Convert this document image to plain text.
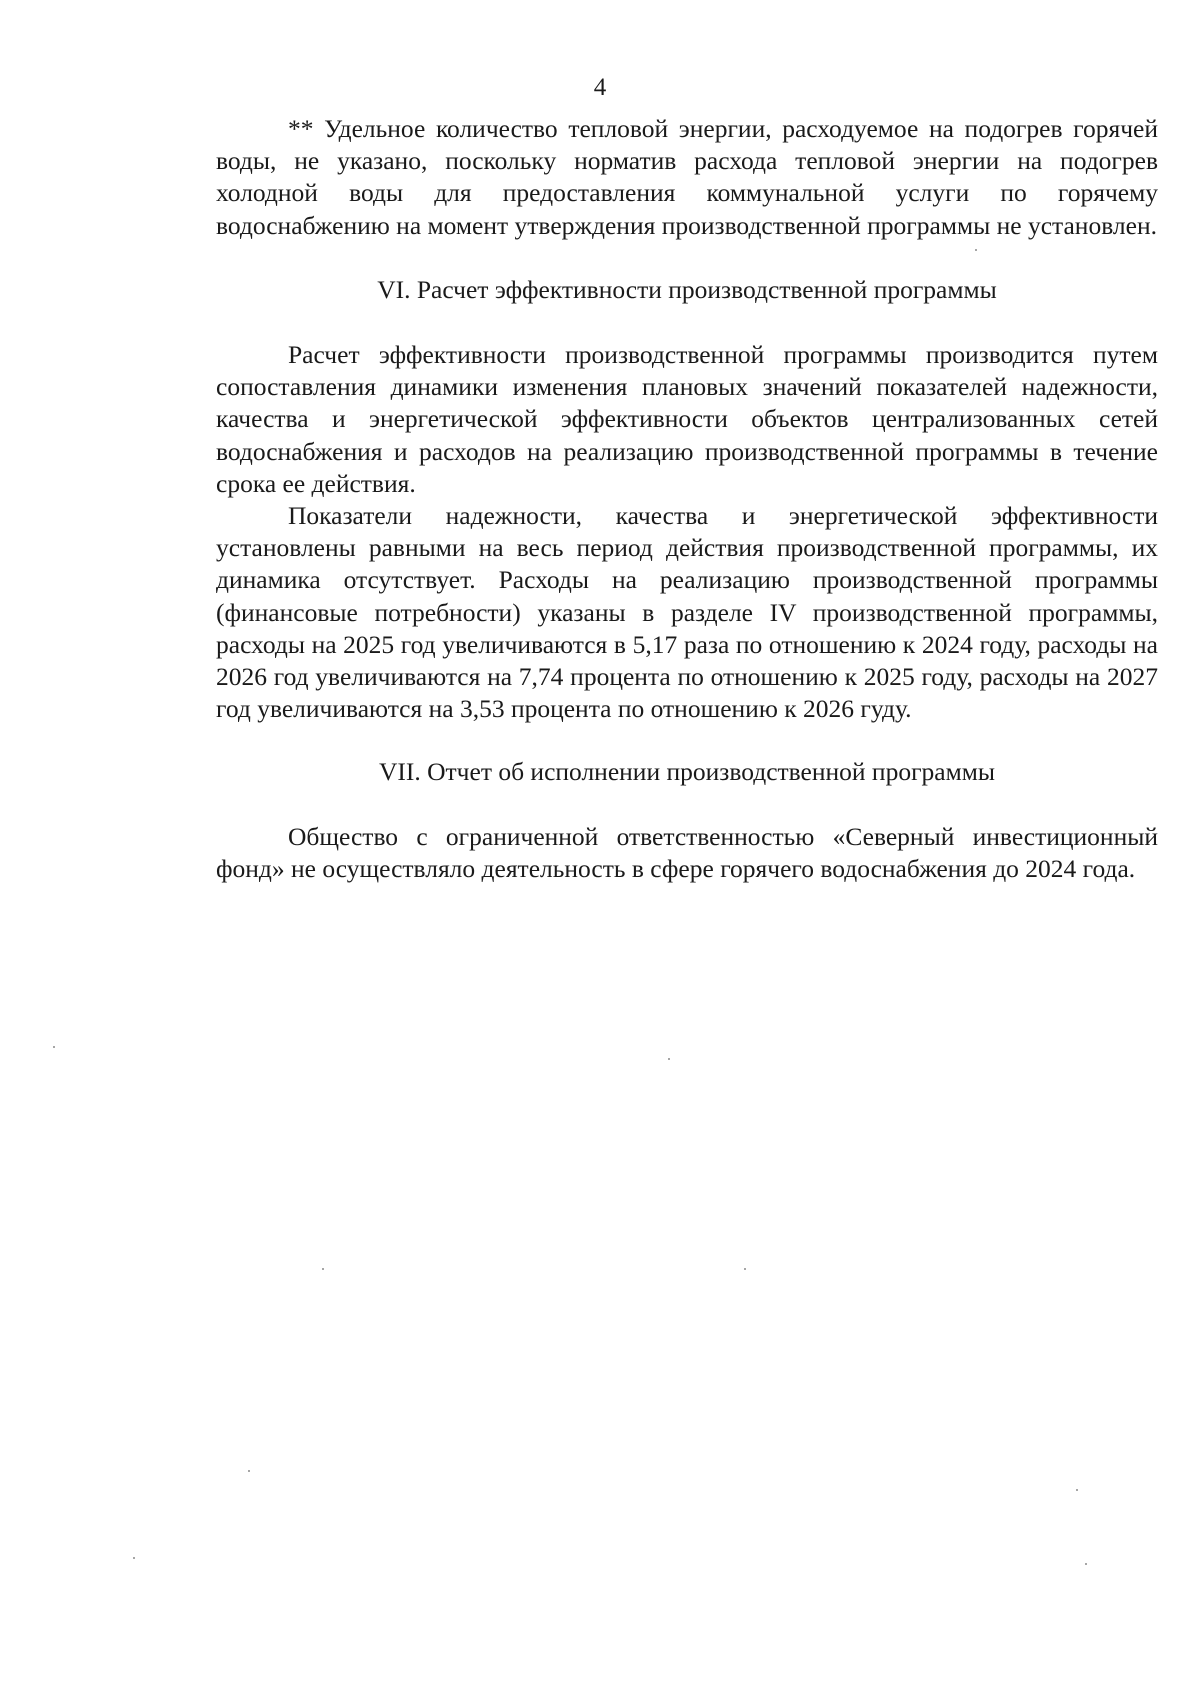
4

** Удельное количество тепловой энергии, расходуемое на подогрев горячей воды, не указано, поскольку норматив расхода тепловой энергии на подогрев холодной воды для предоставления коммунальной услуги по горячему водоснабжению на момент утверждения производственной программы не установлен.

VI. Расчет эффективности производственной программы

Расчет эффективности производственной программы производится путем сопоставления динамики изменения плановых значений показателей надежности, качества и энергетической эффективности объектов централизованных сетей водоснабжения и расходов на реализацию производственной программы в течение срока ее действия.

Показатели надежности, качества и энергетической эффективности установлены равными на весь период действия производственной программы, их динамика отсутствует. Расходы на реализацию производственной программы (финансовые потребности) указаны в разделе IV производственной программы, расходы на 2025 год увеличиваются в 5,17 раза по отношению к 2024 году, расходы на 2026 год увеличиваются на 7,74 процента по отношению к 2025 году, расходы на 2027 год увеличиваются на 3,53 процента по отношению к 2026 гуду.

VII. Отчет об исполнении производственной программы

Общество с ограниченной ответственностью «Северный инвестиционный фонд» не осуществляло деятельность в сфере горячего водоснабжения до 2024 года.
